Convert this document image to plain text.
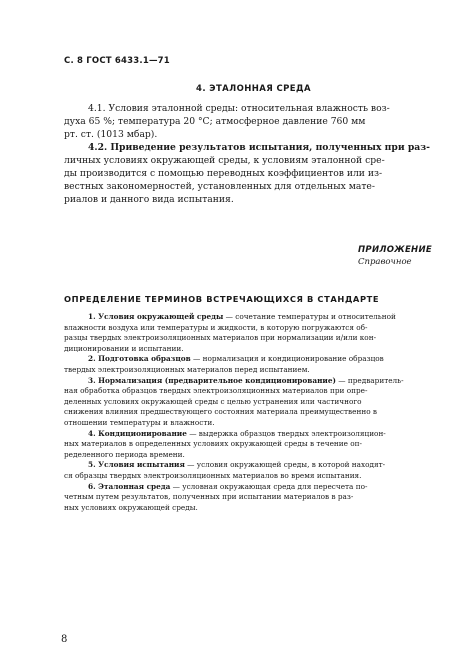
С. 8 ГОСТ 6433.1—71
4. ЭТАЛОННАЯ СРЕДА
4.1. Условия эталонной среды: относительная влажность воз-
духа 65 %; температура 20 °С; атмосферное давление 760 мм
рт. ст. (1013 мбар).
4.2. Приведение результатов испытания, полученных при раз-
личных условиях окружающей среды, к условиям эталонной сре-
ды производится с помощью переводных коэффициентов или из-
вестных закономерностей, установленных для отдельных мате-
риалов и данного вида испытания.
ПРИЛОЖЕНИЕ
Справочное
ОПРЕДЕЛЕНИЕ ТЕРМИНОВ ВСТРЕЧАЮЩИХСЯ В СТАНДАРТЕ
1. Условия окружающей среды — сочетание температуры и относительной
влажности воздуха или температуры и жидкости, в которую погружаются об-
разцы твердых электроизоляционных материалов при нормализации и/или кон-
диционировании и испытании.
2. Подготовка образцов — нормализация и кондиционирование образцов
твердых электроизоляционных материалов перед испытанием.
3. Нормализация (предварительное кондиционирование) — предваритель-
ная обработка образцов твердых электроизоляционных материалов при опре-
деленных условиях окружающей среды с целью устранения или частичного
снижения влияния предшествующего состояния материала преимущественно в
отношении температуры и влажности.
4. Кондиционирование — выдержка образцов твердых электроизоляцион-
ных материалов в определенных условиях окружающей среды в течение оп-
ределенного периода времени.
5. Условия испытания — условия окружающей среды, в которой находят-
ся образцы твердых электроизоляционных материалов во время испытания.
6. Эталонная среда — условная окружающая среда для пересчета по-
четным путем результатов, полученных при испытании материалов в раз-
ных условиях окружающей среды.
8
